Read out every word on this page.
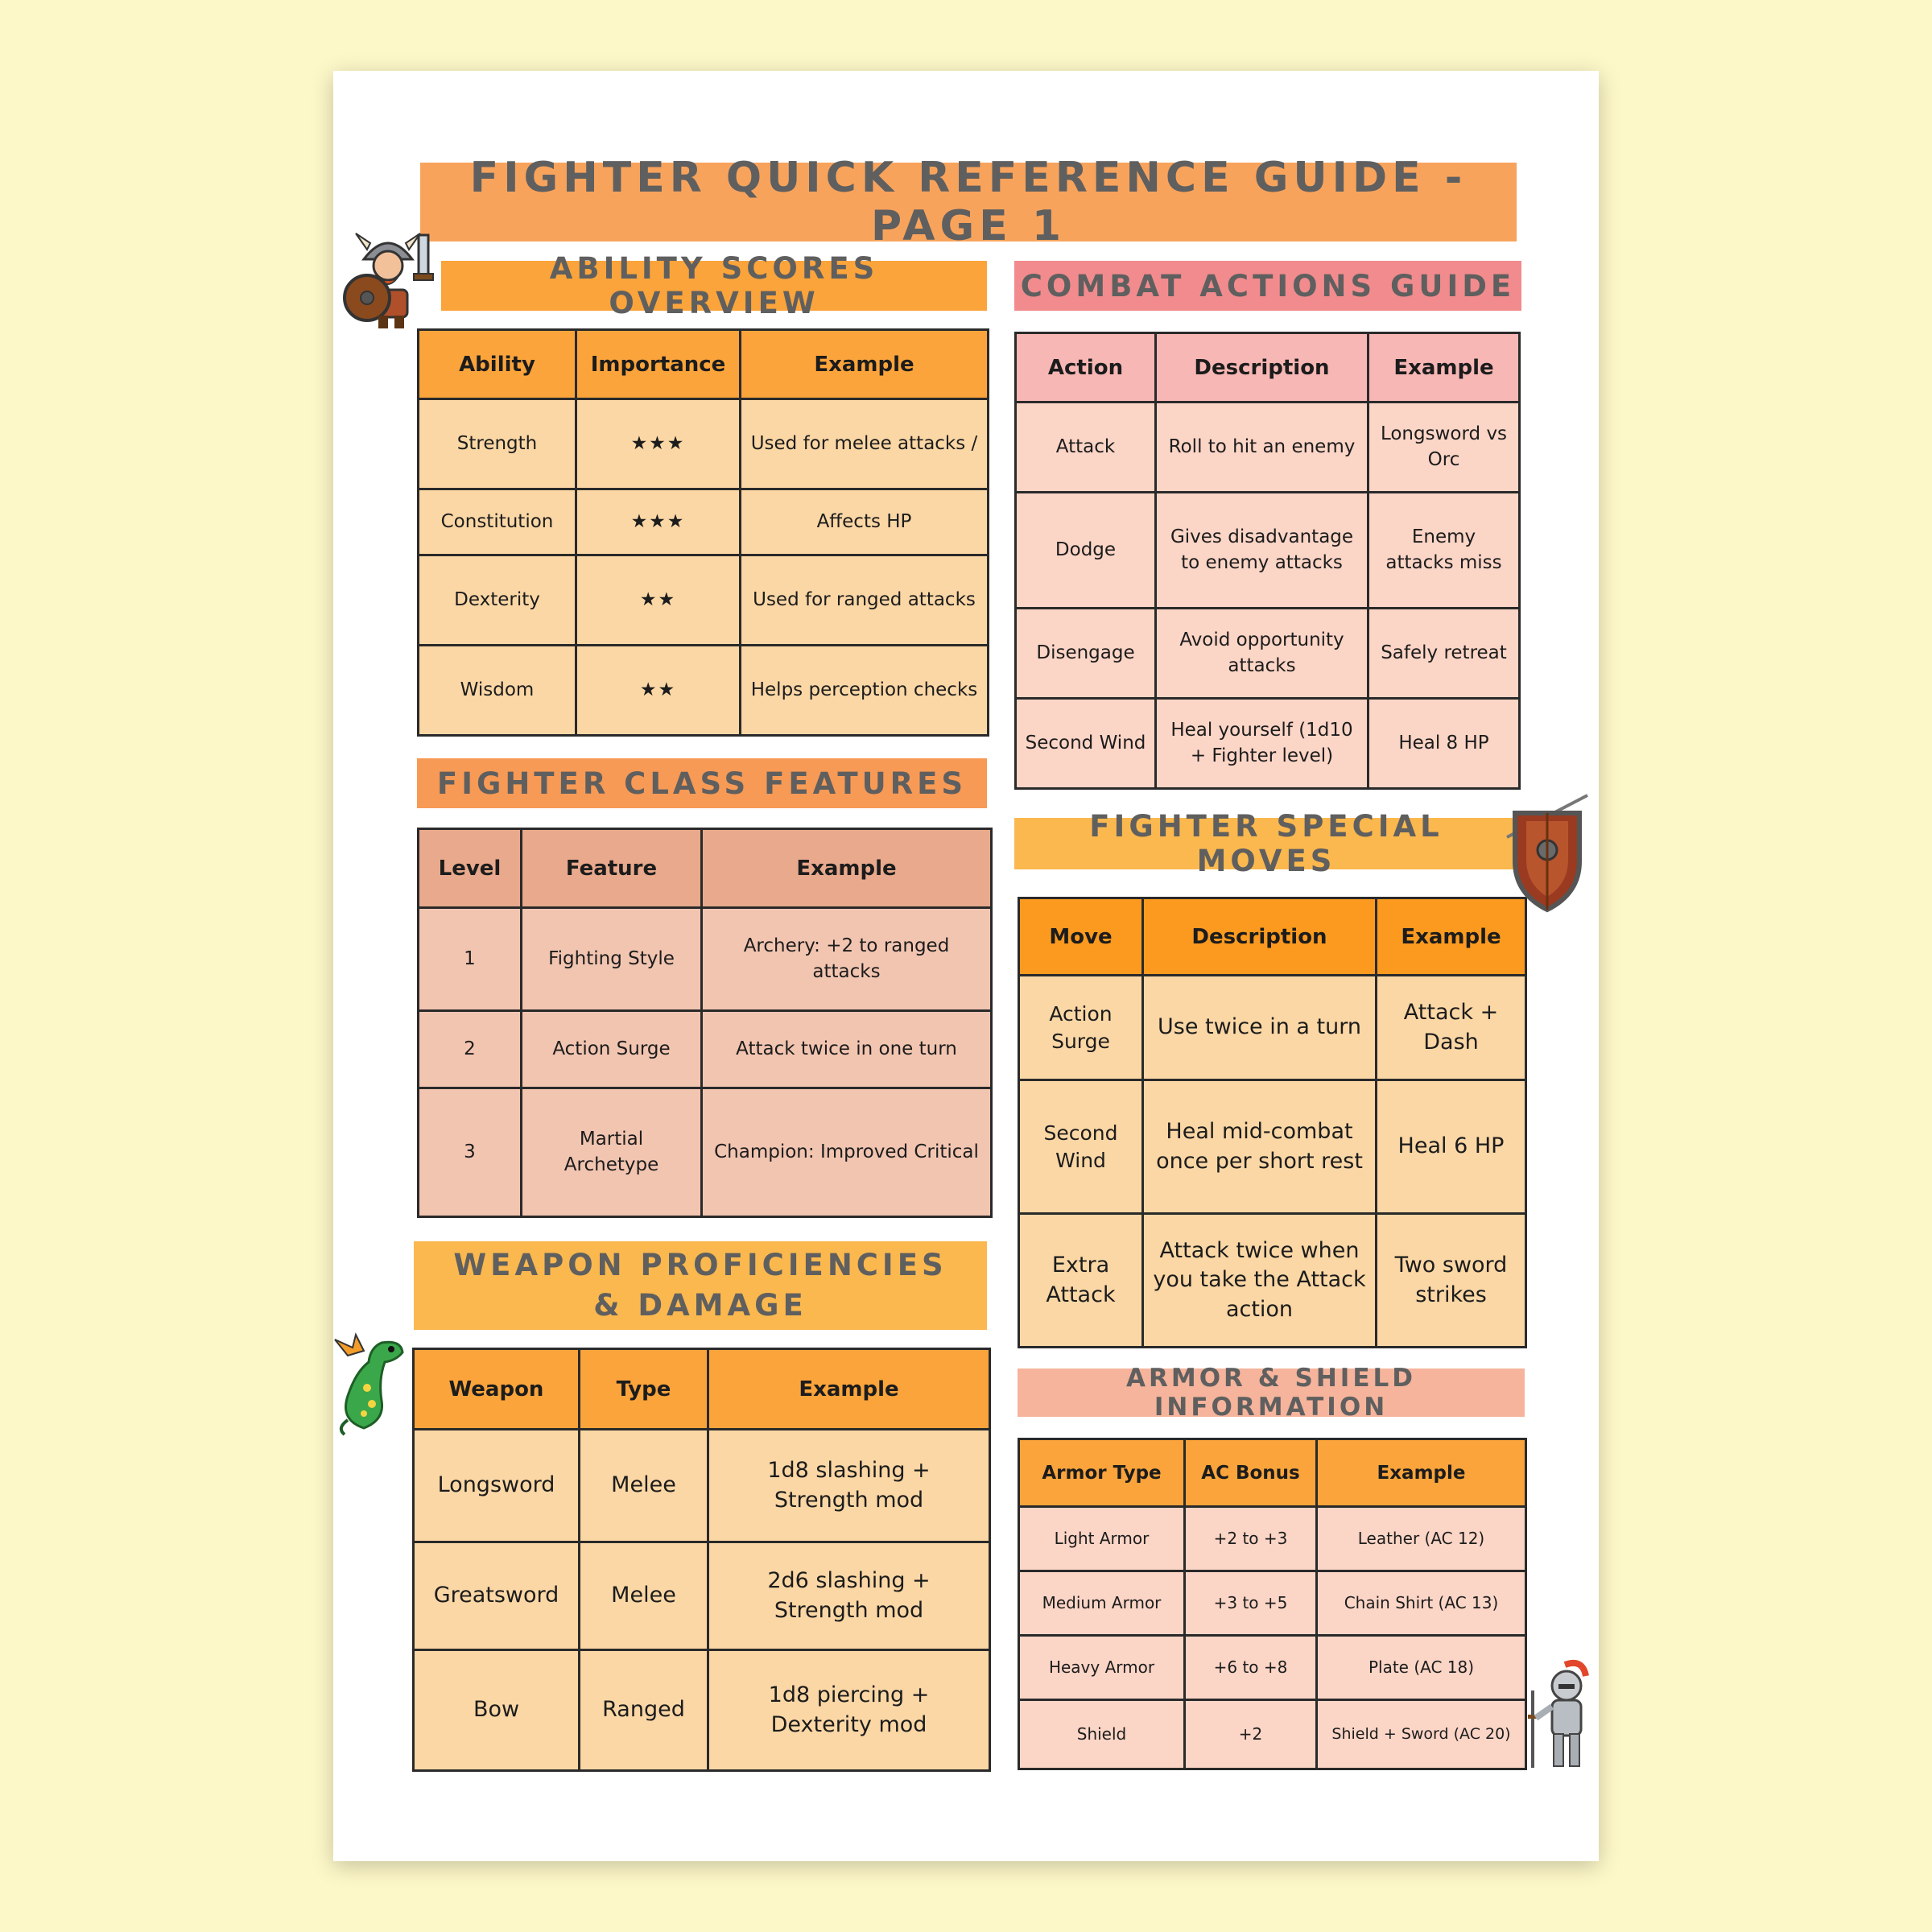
FIGHTER QUICK REFERENCE GUIDE - PAGE 1
ABILITY SCORES OVERVIEW
Ability	Importance	Example
Strength	★★★	Used for melee attacks /
Constitution	★★★	Affects HP
Dexterity	★★	Used for ranged attacks
Wisdom	★★	Helps perception checks
COMBAT ACTIONS GUIDE
Action	Description	Example
Attack	Roll to hit an enemy	Longsword vs Orc
Dodge	Gives disadvantage to enemy attacks	Enemy attacks miss
Disengage	Avoid opportunity attacks	Safely retreat
Second Wind	Heal yourself (1d10 + Fighter level)	Heal 8 HP
FIGHTER CLASS FEATURES
Level	Feature	Example
1	Fighting Style	Archery: +2 to ranged attacks
2	Action Surge	Attack twice in one turn
3	Martial Archetype	Champion: Improved Critical
FIGHTER SPECIAL MOVES
Move	Description	Example
Action Surge	Use twice in a turn	Attack + Dash
Second Wind	Heal mid-combat once per short rest	Heal 6 HP
Extra Attack	Attack twice when you take the Attack action	Two sword strikes
WEAPON PROFICIENCIES & DAMAGE
Weapon	Type	Example
Longsword	Melee	1d8 slashing + Strength mod
Greatsword	Melee	2d6 slashing + Strength mod
Bow	Ranged	1d8 piercing + Dexterity mod
ARMOR & SHIELD INFORMATION
Armor Type	AC Bonus	Example
Light Armor	+2 to +3	Leather (AC 12)
Medium Armor	+3 to +5	Chain Shirt (AC 13)
Heavy Armor	+6 to +8	Plate (AC 18)
Shield	+2	Shield + Sword (AC 20)
